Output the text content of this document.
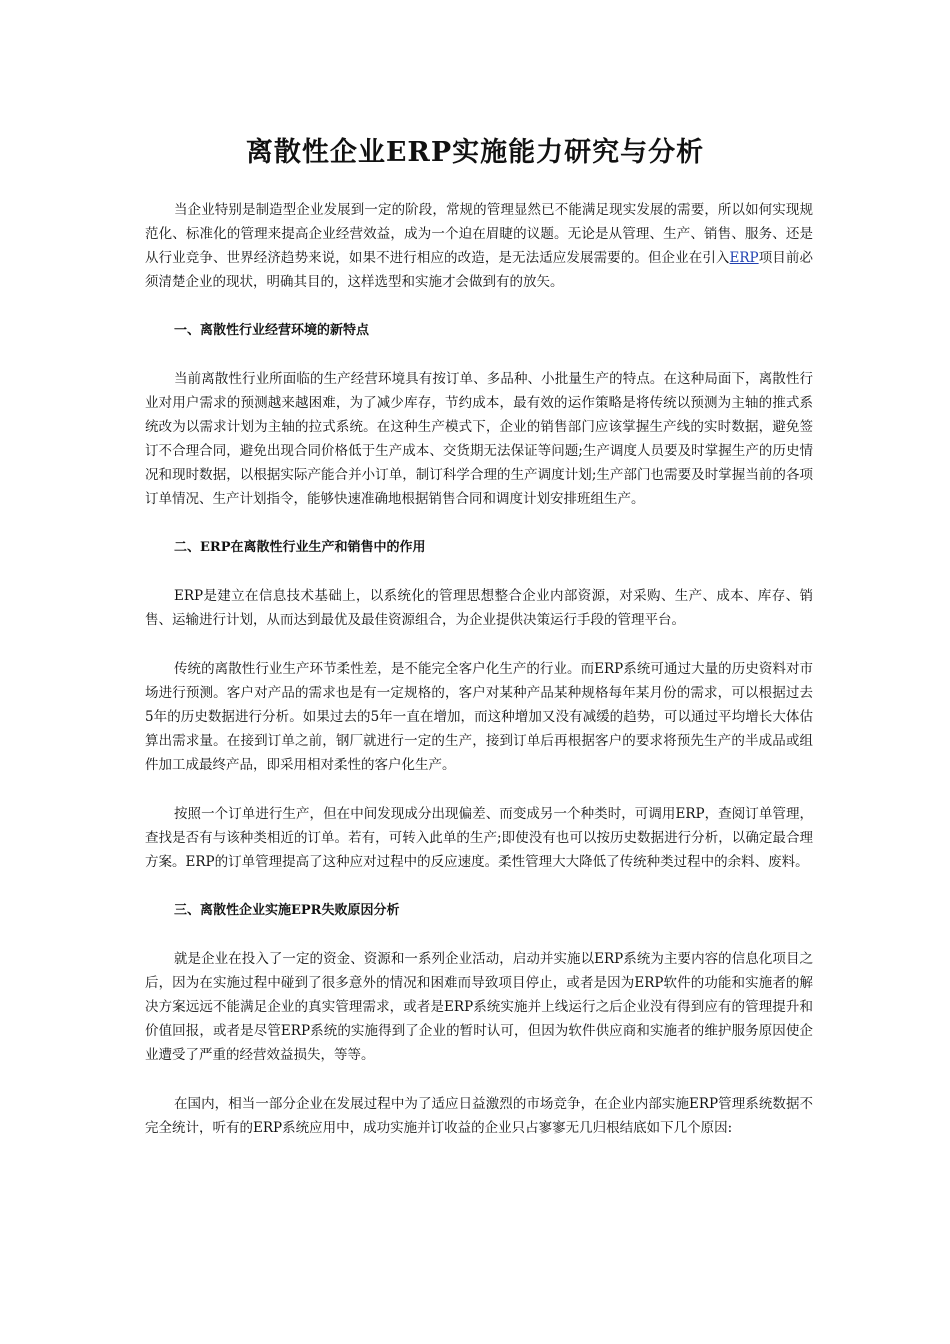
离散性企业ERP实施能力研究与分析

当企业特别是制造型企业发展到一定的阶段，常规的管理显然已不能满足现实发展的需要，所以如何实现规范化、标准化的管理来提高企业经营效益，成为一个迫在眉睫的议题。无论是从管理、生产、销售、服务、还是从行业竞争、世界经济趋势来说，如果不进行相应的改造，是无法适应发展需要的。但企业在引入ERP项目前必须清楚企业的现状，明确其目的，这样选型和实施才会做到有的放矢。

一、离散性行业经营环境的新特点

当前离散性行业所面临的生产经营环境具有按订单、多品种、小批量生产的特点。在这种局面下，离散性行业对用户需求的预测越来越困难，为了减少库存，节约成本，最有效的运作策略是将传统以预测为主轴的推式系统改为以需求计划为主轴的拉式系统。在这种生产模式下，企业的销售部门应该掌握生产线的实时数据，避免签订不合理合同，避免出现合同价格低于生产成本、交货期无法保证等问题;生产调度人员要及时掌握生产的历史情况和现时数据，以根据实际产能合并小订单，制订科学合理的生产调度计划;生产部门也需要及时掌握当前的各项订单情况、生产计划指令，能够快速准确地根据销售合同和调度计划安排班组生产。

二、ERP在离散性行业生产和销售中的作用

ERP是建立在信息技术基础上，以系统化的管理思想整合企业内部资源，对采购、生产、成本、库存、销售、运输进行计划，从而达到最优及最佳资源组合，为企业提供决策运行手段的管理平台。

传统的离散性行业生产环节柔性差，是不能完全客户化生产的行业。而ERP系统可通过大量的历史资料对市场进行预测。客户对产品的需求也是有一定规格的，客户对某种产品某种规格每年某月份的需求，可以根据过去5年的历史数据进行分析。如果过去的5年一直在增加，而这种增加又没有减缓的趋势，可以通过平均增长大体估算出需求量。在接到订单之前，钢厂就进行一定的生产，接到订单后再根据客户的要求将预先生产的半成品或组件加工成最终产品，即采用相对柔性的客户化生产。

按照一个订单进行生产，但在中间发现成分出现偏差、而变成另一个种类时，可调用ERP，查阅订单管理，查找是否有与该种类相近的订单。若有，可转入此单的生产;即使没有也可以按历史数据进行分析，以确定最合理方案。ERP的订单管理提高了这种应对过程中的反应速度。柔性管理大大降低了传统种类过程中的余料、废料。

三、离散性企业实施EPR失败原因分析

就是企业在投入了一定的资金、资源和一系列企业活动，启动并实施以ERP系统为主要内容的信息化项目之后，因为在实施过程中碰到了很多意外的情况和困难而导致项目停止，或者是因为ERP软件的功能和实施者的解决方案远远不能满足企业的真实管理需求，或者是ERP系统实施并上线运行之后企业没有得到应有的管理提升和价值回报，或者是尽管ERP系统的实施得到了企业的暂时认可，但因为软件供应商和实施者的维护服务原因使企业遭受了严重的经营效益损失，等等。

在国内，相当一部分企业在发展过程中为了适应日益激烈的市场竞争，在企业内部实施ERP管理系统数据不完全统计，听有的ERP系统应用中，成功实施并订收益的企业只占寥寥无几归根结底如下几个原因:
